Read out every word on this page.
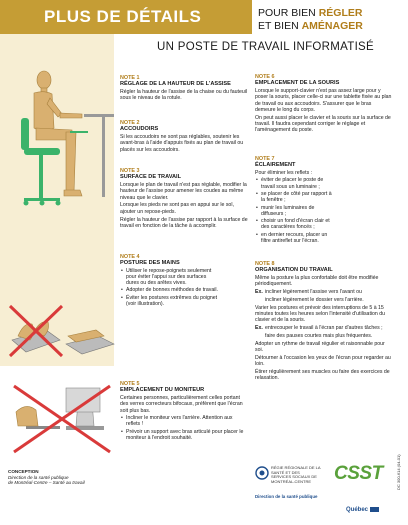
PLUS DE DÉTAILS	POUR BIEN RÉGLER
ET BIEN AMÉNAGER
UN POSTE DE TRAVAIL INFORMATISÉ
NOTE 1
RÉGLAGE DE LA HAUTEUR DE L'ASSISE

Régler la hauteur de l'assise de la chaise ou du fauteuil sous le niveau de la rotule.

NOTE 2
ACCOUDOIRS

Si les accoudoirs ne sont pas réglables, soutenir les avant-bras à l'aide d'appuis fixés au plan de travail ou placés sur les accoudoirs.

NOTE 3
SURFACE DE TRAVAIL

Lorsque le plan de travail n'est pas réglable, modifier la hauteur de l'assise pour amener les coudes au même niveau que le clavier.

Lorsque les pieds ne sont pas en appui sur le sol, ajouter un repose-pieds.

Régler la hauteur de l'assise par rapport à la surface de travail en fonction de la tâche à accomplir.

NOTE 4
POSTURE DES MAINS
• Utiliser le repose-poignets seulement pour éviter l'appui sur des surfaces dures ou des arêtes vives.
• Adopter de bonnes méthodes de travail.
• Éviter les postures extrêmes du poignet (voir illustration).
NOTE 5
EMPLACEMENT DU MONITEUR

Certaines personnes, particulièrement celles portant des verres correcteurs bifocaux, préfèrent que l'écran soit plus bas.

• Incliner le moniteur vers l'arrière. Attention aux reflets !
• Prévoir un support avec bras articulé pour placer le moniteur à l'endroit souhaité.
NOTE 6
EMPLACEMENT DE LA SOURIS

Lorsque le support-clavier n'est pas assez large pour y poser la souris, placer celle-ci sur une tablette fixée au plan de travail ou aux accoudoirs. S'assurer que le bras demeure le long du corps.

On peut aussi placer le clavier et la souris sur la surface de travail. Il faudra cependant corriger le réglage et l'aménagement du poste.

NOTE 7
ÉCLAIREMENT

Pour éliminer les reflets :

• éviter de placer le poste de travail sous un luminaire ;
• se placer de côté par rapport à la fenêtre ;
• munir les luminaires de diffuseurs ;
• choisir un fond d'écran clair et des caractères foncés ;
• en dernier recours, placer un filtre antireflet sur l'écran.
NOTE 8
ORGANISATION DU TRAVAIL

Même la posture la plus confortable doit être modifiée périodiquement.

Ex. incliner légèrement l'assise vers l'avant ou
incliner légèrement le dossier vers l'arrière.

Varier les postures et prévoir des interruptions de 5 à 15 minutes toutes les heures selon l'intensité d'utilisation du clavier et de la souris.

Ex. entrecouper le travail à l'écran par d'autres tâches ;
faire des pauses courtes mais plus fréquentes.

Adopter un rythme de travail régulier et raisonnable pour soi.

Détourner à l'occasion les yeux de l'écran pour regarder au loin.

Étirer régulièrement ses muscles ou faire des exercices de relaxation.

CONCEPTION
Direction de la santé publique
de Montréal-Centre – Santé au travail
RÉGIE RÉGIONALE DE LA SANTÉ ET DES SERVICES SOCIAUX DE MONTRÉAL-CENTRE
Direction de la santé publique
CSST
Québec
DC 300-614 (04-01)
